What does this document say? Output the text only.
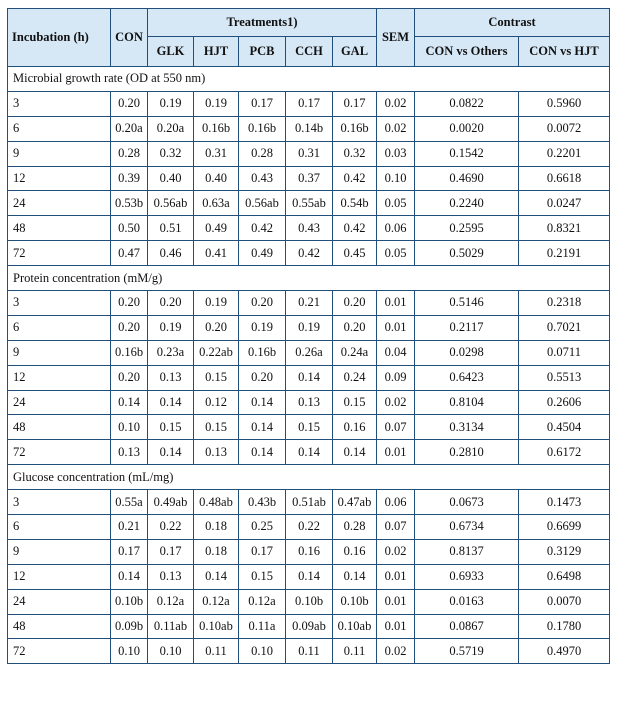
Incubation (h)	CON	Treatments1)					SEM	Contrast	
		GLK	HJT	PCB	CCH	GAL		CON vs Others	CON vs HJT
Microbial growth rate (OD at 550 nm)									
3	0.20	0.19	0.19	0.17	0.17	0.17	0.02	0.0822	0.5960
6	0.20a	0.20a	0.16b	0.16b	0.14b	0.16b	0.02	0.0020	0.0072
9	0.28	0.32	0.31	0.28	0.31	0.32	0.03	0.1542	0.2201
12	0.39	0.40	0.40	0.43	0.37	0.42	0.10	0.4690	0.6618
24	0.53b	0.56ab	0.63a	0.56ab	0.55ab	0.54b	0.05	0.2240	0.0247
48	0.50	0.51	0.49	0.42	0.43	0.42	0.06	0.2595	0.8321
72	0.47	0.46	0.41	0.49	0.42	0.45	0.05	0.5029	0.2191
Protein concentration (mM/g)									
3	0.20	0.20	0.19	0.20	0.21	0.20	0.01	0.5146	0.2318
6	0.20	0.19	0.20	0.19	0.19	0.20	0.01	0.2117	0.7021
9	0.16b	0.23a	0.22ab	0.16b	0.26a	0.24a	0.04	0.0298	0.0711
12	0.20	0.13	0.15	0.20	0.14	0.24	0.09	0.6423	0.5513
24	0.14	0.14	0.12	0.14	0.13	0.15	0.02	0.8104	0.2606
48	0.10	0.15	0.15	0.14	0.15	0.16	0.07	0.3134	0.4504
72	0.13	0.14	0.13	0.14	0.14	0.14	0.01	0.2810	0.6172
Glucose concentration (mL/mg)									
3	0.55a	0.49ab	0.48ab	0.43b	0.51ab	0.47ab	0.06	0.0673	0.1473
6	0.21	0.22	0.18	0.25	0.22	0.28	0.07	0.6734	0.6699
9	0.17	0.17	0.18	0.17	0.16	0.16	0.02	0.8137	0.3129
12	0.14	0.13	0.14	0.15	0.14	0.14	0.01	0.6933	0.6498
24	0.10b	0.12a	0.12a	0.12a	0.10b	0.10b	0.01	0.0163	0.0070
48	0.09b	0.11ab	0.10ab	0.11a	0.09ab	0.10ab	0.01	0.0867	0.1780
72	0.10	0.10	0.11	0.10	0.11	0.11	0.02	0.5719	0.4970
